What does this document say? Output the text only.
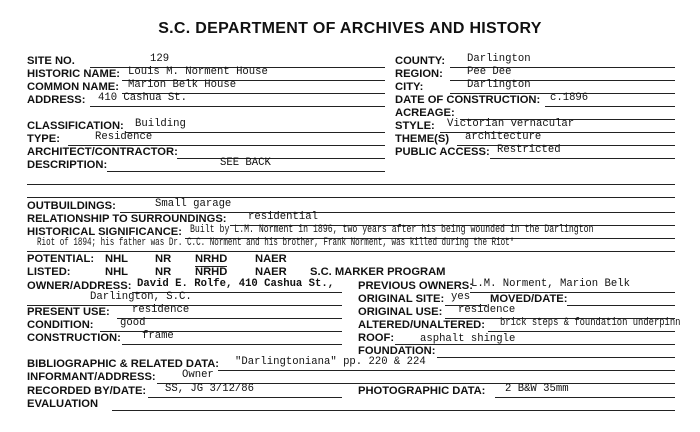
S.C. DEPARTMENT OF ARCHIVES AND HISTORY
SITE NO.	129	COUNTY: Darlington
HISTORIC NAME: Louis M. Norment House	REGION: Pee Dee
COMMON NAME: Marion Belk House	CITY:	Darlington
ADDRESS: 410 Cashua St.	DATE OF CONSTRUCTION: c.1896
ACREAGE:
CLASSIFICATION: Building	STYLE: Victorian vernacular
TYPE:	Residence	THEME(S) architecture
ARCHITECT/CONTRACTOR:	PUBLIC ACCESS: Restricted
DESCRIPTION:	SEE BACK
OUTBUILDINGS:	Small garage
RELATIONSHIP TO SURROUNDINGS: residential
HISTORICAL SIGNIFICANCE: Built by L.M. Norment in 1896, two years after his being wounded in the Darlington
Riot of 1894; his father was Dr. C.C. Norment and his brother, Frank Norment, was killed during the Riot*
POTENTIAL: NHL NR NRHD NAER
LISTED:	NHL NR NRHD NAER S.C. MARKER PROGRAM
OWNER/ADDRESS: David E. Rolfe, 410 Cashua St.,
Darlington, S.C.
PREVIOUS OWNERS:
L.M. Norment, Marion Belk
ORIGINAL SITE: yes MOVED/DATE:
PRESENT USE: residence	ORIGINAL USE: residence
CONDITION:	good	ALTERED/UNALTERED: brick steps & foundation underpinn
CONSTRUCTION: frame	ROOF: asphalt shingle
FOUNDATION:
BIBLIOGRAPHIC & RELATED DATA: "Darlingtoniana" pp. 220 & 224
INFORMANT/ADDRESS: Owner
RECORDED BY/DATE: SS, JG 3/12/86	PHOTOGRAPHIC DATA: 2 B&W 35mm
EVALUATION
